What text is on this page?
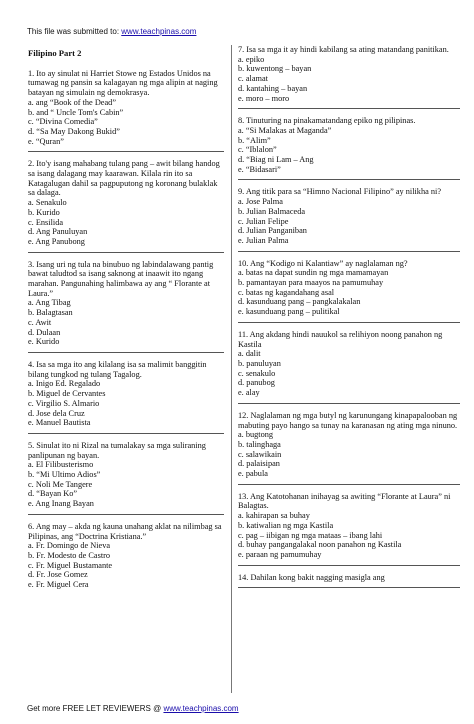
This file was submitted to: www.teachpinas.com
Filipino Part 2
1. Ito ay sinulat ni Harriet Stowe ng Estados Unidos na tumawag ng pansin sa kalagayan ng mga alipin at naging batayan ng simulain ng demokrasya.
a. ang “Book of the Dead”
b. and “ Uncle Tom's Cabin”
c. “Divina Comedia”
d. “Sa May Dakong Bukid”
e. “Quran”
2. Ito'y isang mahabang tulang pang – awit bilang handog sa isang dalagang may kaarawan. Kilala rin ito sa Katagalugan dahil sa pagpuputong ng koronang bulaklak sa dalaga.
a. Senakulo
b. Kurido
c. Ensilida
d. Ang Panuluyan
e. Ang Panubong
3. Isang uri ng tula na binubuo ng labindalawang pantig bawat taludtod sa isang saknong at inaawit ito ngang marahan. Pangunahing halimbawa ay ang “ Florante at Laura.”
a. Ang Tibag
b. Balagtasan
c. Awit
d. Dulaan
e. Kurido
4. Isa sa mga ito ang kilalang isa sa malimit banggitin bilang tungkod ng tulang Tagalog.
a. Inigo Ed. Regalado
b. Miguel de Cervantes
c. Virgilio S. Almario
d. Jose dela Cruz
e. Manuel Bautista
5. Sinulat ito ni Rizal na tumalakay sa mga suliraning panlipunan ng bayan.
a. El Filibusterismo
b. “Mi Ultimo Adios”
c. Noli Me Tangere
d. “Bayan Ko”
e. Ang Inang Bayan
6. Ang may – akda ng kauna unahang aklat na nilimbag sa Pilipinas, ang “Doctrina Kristiana.”
a. Fr. Domingo de Nieva
b. Fr. Modesto de Castro
c. Fr. Miguel Bustamante
d. Fr. Jose Gomez
e. Fr. Miguel Cera
7. Isa sa mga it ay hindi kabilang sa ating matandang panitikan.
a. epiko
b. kuwentong – bayan
c. alamat
d. kantahing – bayan
e. moro – moro
8. Tinuturing na pinakamatandang epiko ng pilipinas.
a. “Si Malakas at Maganda”
b. “Alim”
c. “Iblalon”
d. “Biag ni Lam – Ang
e. “Bidasari”
9. Ang titik para sa “Himno Nacional Filipino” ay nilikha ni?
a. Jose Palma
b. Julian Balmaceda
c. Julian Felipe
d. Julian Panganiban
e. Julian Palma
10. Ang “Kodigo ni Kalantiaw” ay naglalaman ng?
a. batas na dapat sundin ng mga mamamayan
b. pamantayan para maayos na pamumuhay
c. batas ng kagandahang asal
d. kasunduang pang – pangkalakalan
e. kasunduang pang – pulitikal
11. Ang akdang hindi nauukol sa relihiyon noong panahon ng Kastila
a. dalit
b. panuluyan
c. senakulo
d. panubog
e. alay
12. Naglalaman ng mga butyl ng karunungang kinapapalooban ng mabuting payo hango sa tunay na karanasan ng ating mga ninuno.
a. bugtong
b. talinghaga
c. salawikain
d. palaisipan
e. pabula
13. Ang Katotohanan inihayag sa awiting “Florante at Laura” ni Balagtas.
a. kahirapan sa buhay
b. katiwalian ng mga Kastila
c. pag – iibigan ng mga mataas – ibang lahi
d. buhay pangangalakal noon panahon ng Kastila
e. paraan ng pamumuhay
14. Dahilan kong bakit nagging masigla ang
Get more FREE LET REVIEWERS @ www.teachpinas.com
